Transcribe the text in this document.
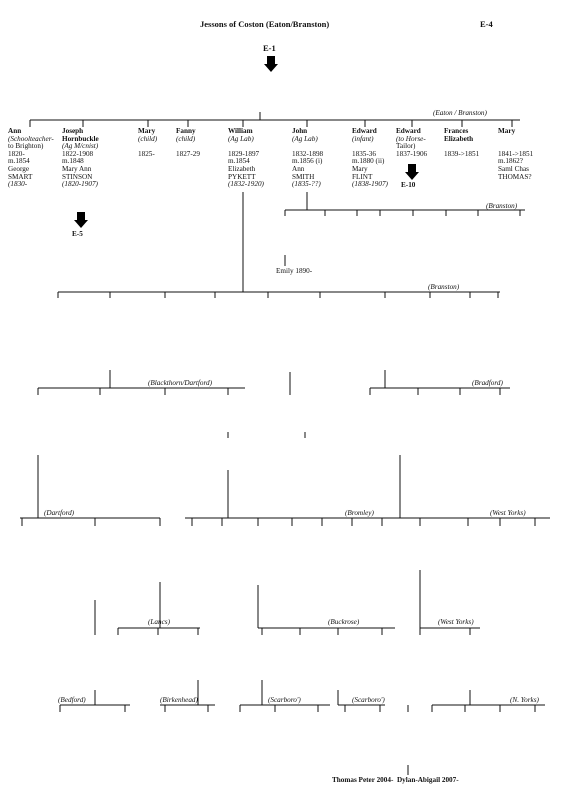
Jessons of Coston (Eaton/Branston)	E-4
E-1
(Eaton / Branston)
Ann
(Schoolteacher-
to Brighton)
1820-
m.1854
George
SMART
(1830-
Joseph
Hornbuckle
(Ag M/cnist)
1822-1908
m.1848
Mary Ann
STINSON
(1820-1907)
Mary
(child)

1825-
Fanny
(child)

1827-29
William
(Ag Lab)

1829-1897
m.1854
Elizabeth
PYKETT
(1832-1920)
John
(Ag Lab)

1832-1898
m.1856 (i)
Ann
SMITH
(1835-??)
Edward
(infant)

1835-36
m.1880 (ii)
Mary
FLINT
(1838-1907)
Edward
(to Horse-
Tailor)
1837-1906
Frances
Elizabeth

1839->1851
Mary

1841->1851
m.1862?
Saml Chas
THOMAS?
E-5
E-10
(Branston)
Emily 1890-
(Branston)
(Blackthorn/Dartford)	(Bradford)
(Dartford)	(Bromley)	(West Yorks)
(Lancs)	(Buckrose)	(West Yorks)
(Bedford)	(Birkenhead)	(Scarboro')	(Scarboro')	(N. Yorks)
Thomas Peter 2004-  Dylan-Abigail 2007-
